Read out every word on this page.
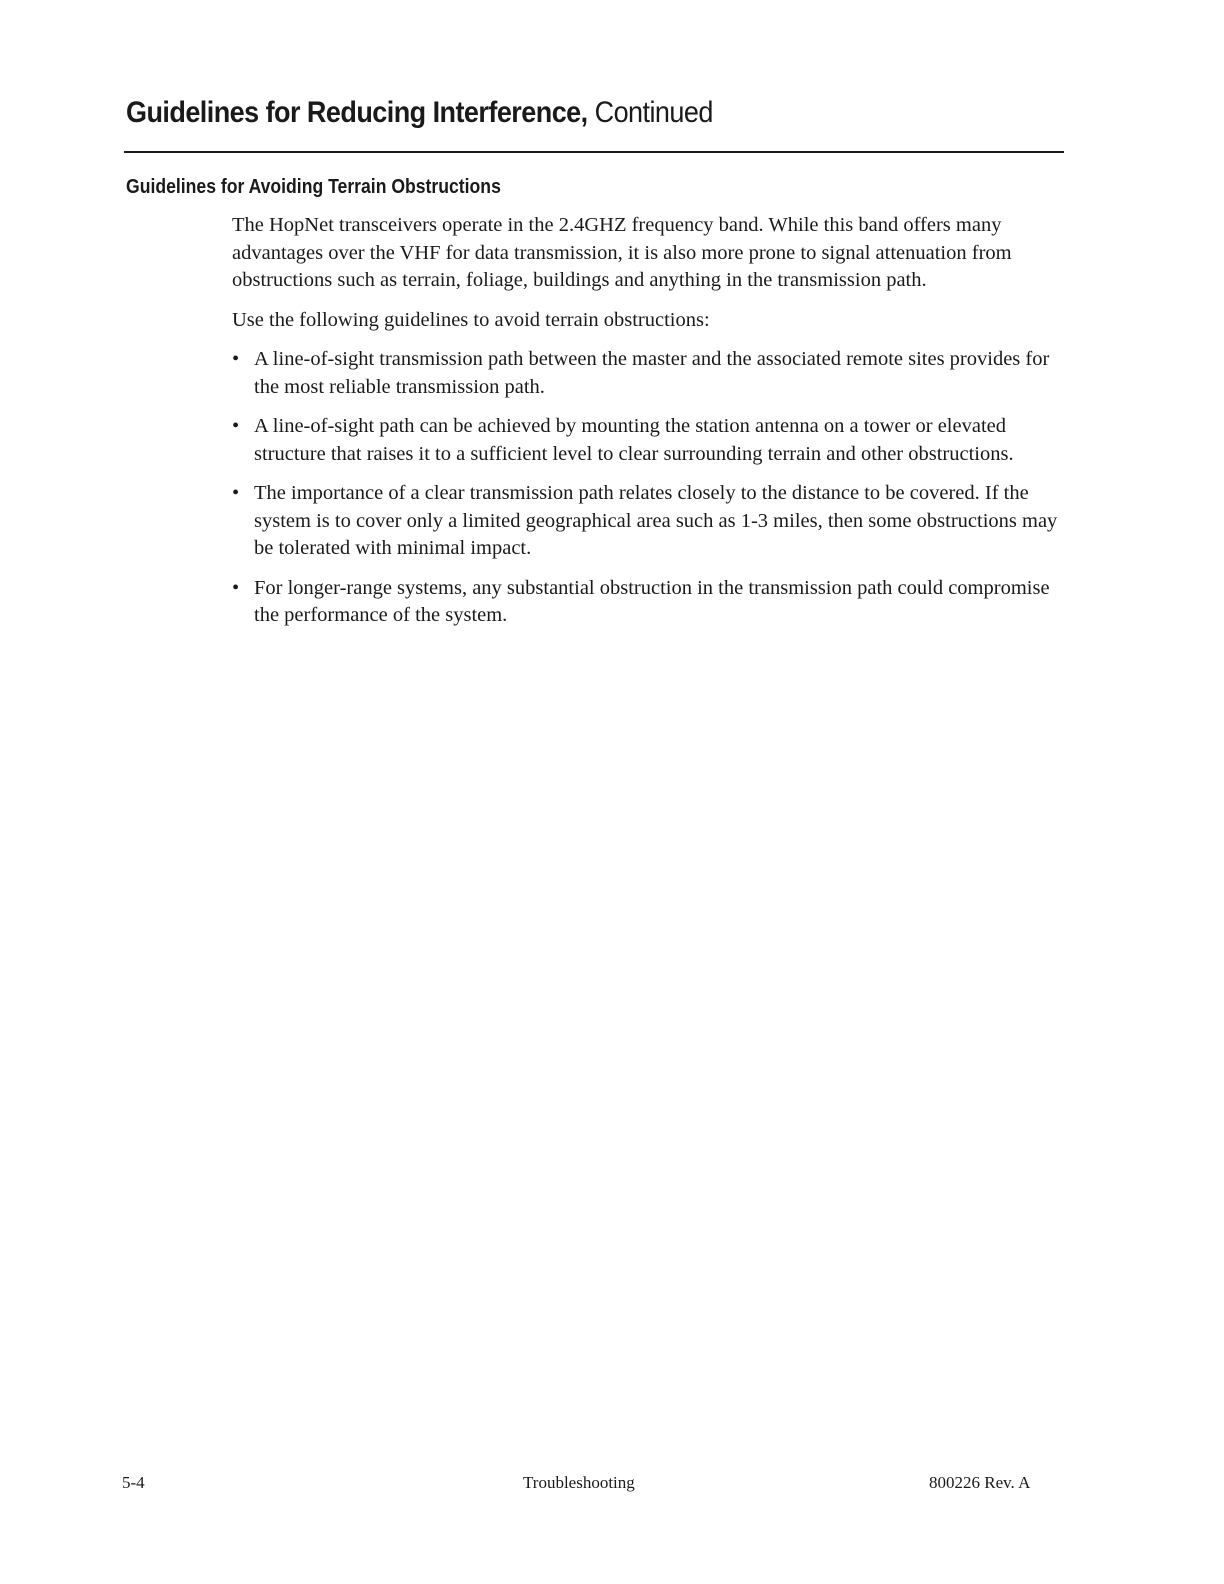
Guidelines for Reducing Interference, Continued
Guidelines for Avoiding Terrain Obstructions

The HopNet transceivers operate in the 2.4GHZ frequency band. While this band offers many advantages over the VHF for data transmission, it is also more prone to signal attenuation from obstructions such as terrain, foliage, buildings and anything in the transmission path.

Use the following guidelines to avoid terrain obstructions:

• A line-of-sight transmission path between the master and the associated remote sites provides for the most reliable transmission path.
• A line-of-sight path can be achieved by mounting the station antenna on a tower or elevated structure that raises it to a sufficient level to clear surrounding terrain and other obstructions.
• The importance of a clear transmission path relates closely to the distance to be covered. If the system is to cover only a limited geographical area such as 1-3 miles, then some obstructions may be tolerated with minimal impact.
• For longer-range systems, any substantial obstruction in the transmission path could compromise the performance of the system.
5-4	Troubleshooting	800226 Rev. A
